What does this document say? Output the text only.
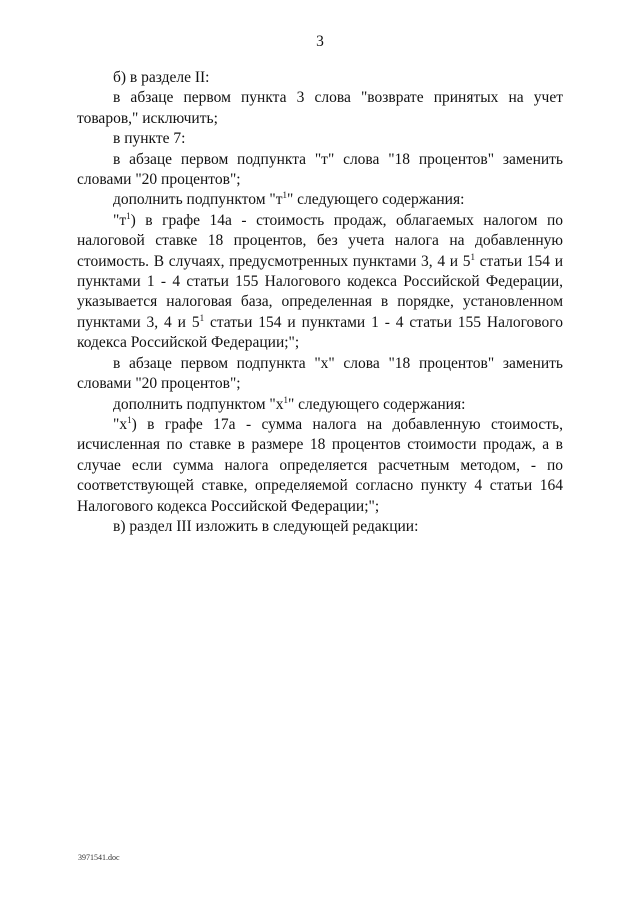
3

б) в разделе II:

в абзаце первом пункта 3 слова "возврате принятых на учет товаров," исключить;

в пункте 7:

в абзаце первом подпункта "т" слова "18 процентов" заменить словами "20 процентов";

дополнить подпунктом "$т^1$" следующего содержания:

"$т^1$) в графе 14а - стоимость продаж, облагаемых налогом по налоговой ставке 18 процентов, без учета налога на добавленную стоимость. В случаях, предусмотренных пунктами 3, 4 и $5^1$ статьи 154 и пунктами 1 - 4 статьи 155 Налогового кодекса Российской Федерации, указывается налоговая база, определенная в порядке, установленном пунктами 3, 4 и $5^1$ статьи 154 и пунктами 1 - 4 статьи 155 Налогового кодекса Российской Федерации;";

в абзаце первом подпункта "х" слова "18 процентов" заменить словами "20 процентов";

дополнить подпунктом "$х^1$" следующего содержания:

"$х^1$) в графе 17а - сумма налога на добавленную стоимость, исчисленная по ставке в размере 18 процентов стоимости продаж, а в случае если сумма налога определяется расчетным методом, - по соответствующей ставке, определяемой согласно пункту 4 статьи 164 Налогового кодекса Российской Федерации;";

в) раздел III изложить в следующей редакции:

3971541.doc
